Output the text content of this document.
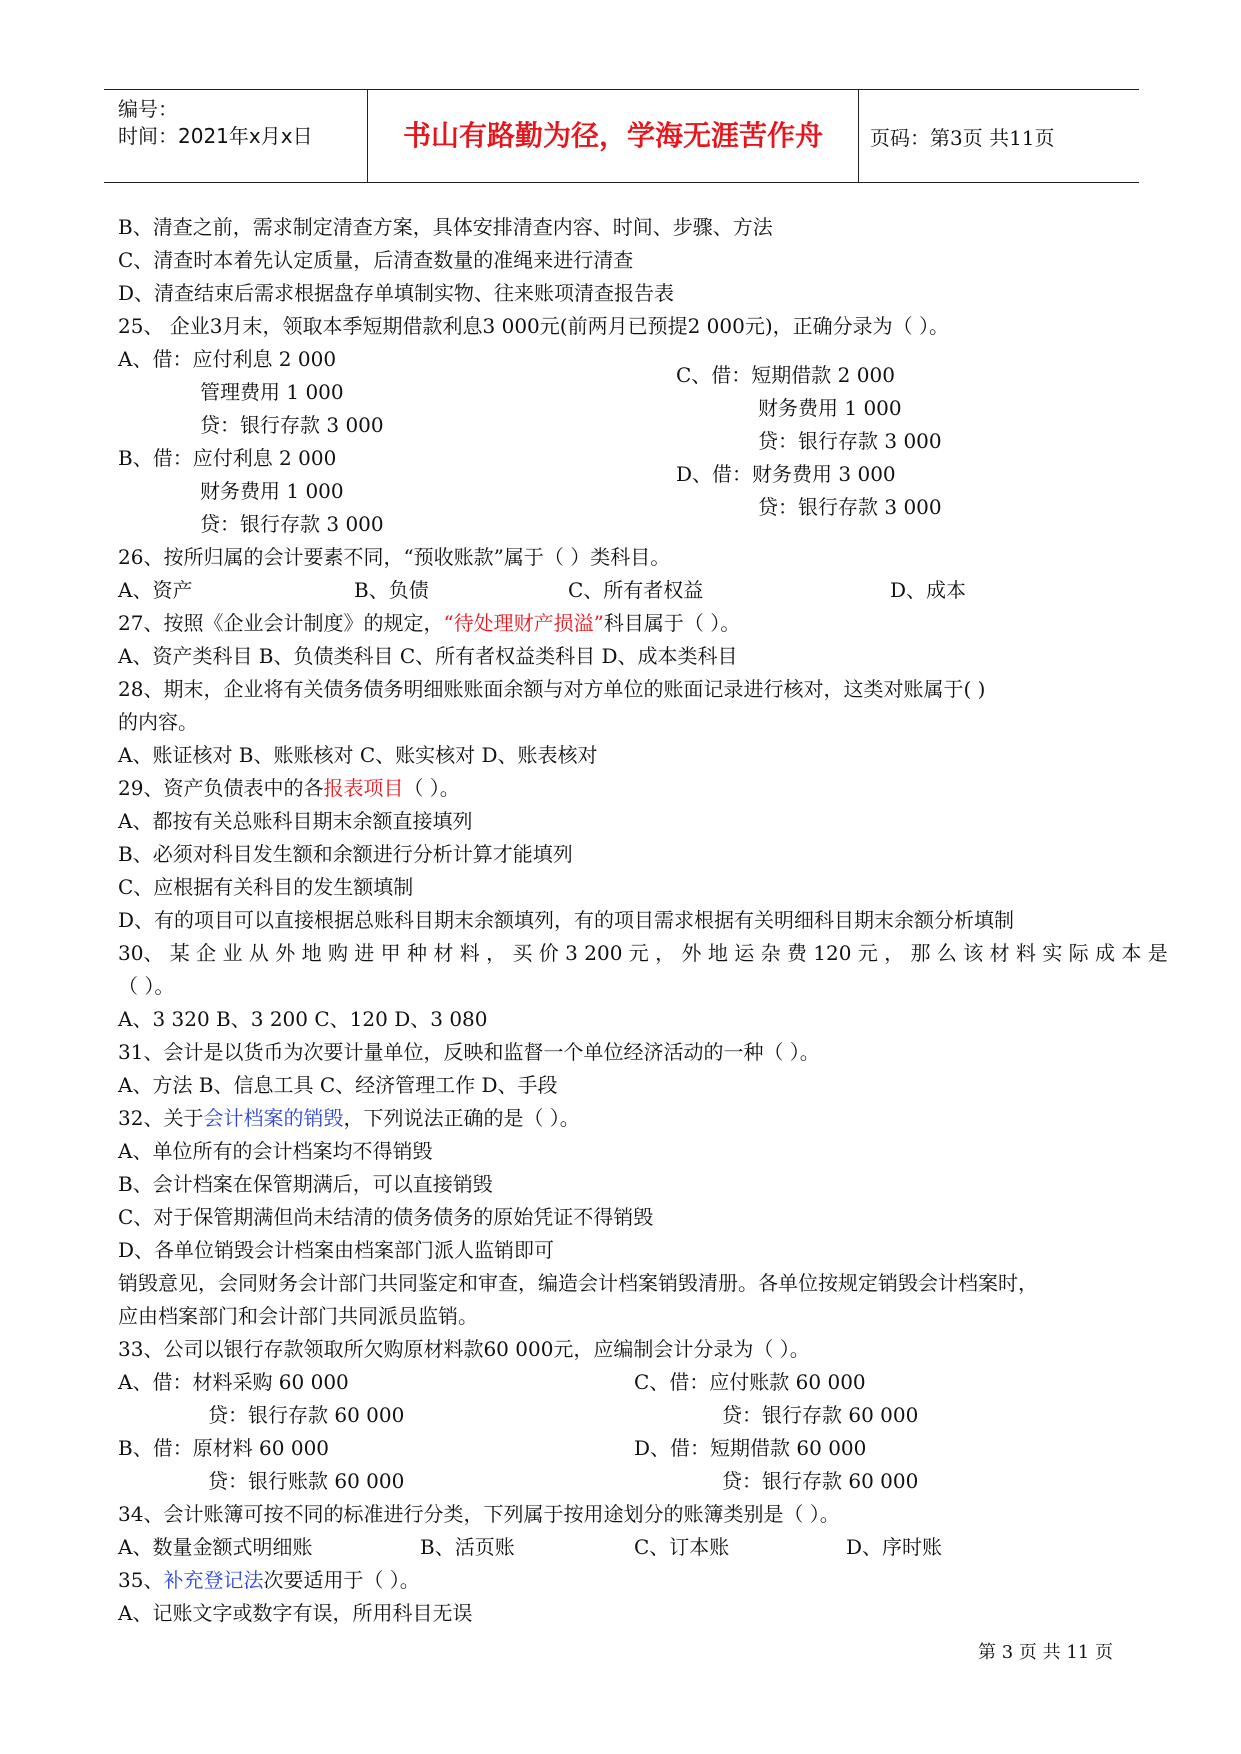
编号：
时间：2021年x月x日	书山有路勤为径，学海无涯苦作舟	页码：第3页 共11页
B、清查之前，需求制定清查方案，具体安排清查内容、时间、步骤、方法
C、清查时本着先认定质量，后清查数量的准绳来进行清查
D、清查结束后需求根据盘存单填制实物、往来账项清查报告表
25、 企业3月末，领取本季短期借款利息3 000元(前两月已预提2 000元)，正确分录为（ ）。
A、借：应付利息 2 000
管理费用 1 000
贷：银行存款 3 000
B、借：应付利息 2 000
财务费用 1 000
贷：银行存款 3 000
C、借：短期借款 2 000
财务费用 1 000
贷：银行存款 3 000
D、借：财务费用 3 000
贷：银行存款 3 000
26、按所归属的会计要素不同，“预收账款”属于（ ）类科目。
A、资产	B、负债	C、所有者权益	D、成本
27、按照《企业会计制度》的规定，“待处理财产损溢”科目属于（ ）。
A、资产类科目 B、负债类科目 C、所有者权益类科目 D、成本类科目
28、期末，企业将有关债务债务明细账账面余额与对方单位的账面记录进行核对，这类对账属于( )
的内容。
A、账证核对 B、账账核对 C、账实核对 D、账表核对
29、资产负债表中的各报表项目（ ）。
A、都按有关总账科目期末余额直接填列
B、必须对科目发生额和余额进行分析计算才能填列
C、应根据有关科目的发生额填制
D、有的项目可以直接根据总账科目期末余额填列，有的项目需求根据有关明细科目期末余额分析填制
30、 某 企 业 从 外 地 购 进 甲 种 材 料 ， 买 价 3 200 元 ， 外 地 运 杂 费 120 元 ， 那 么 该 材 料 实 际 成 本 是
（ ）。
A、3 320 B、3 200 C、120 D、3 080
31、会计是以货币为次要计量单位，反映和监督一个单位经济活动的一种（ ）。
A、方法 B、信息工具 C、经济管理工作 D、手段
32、关于会计档案的销毁，下列说法正确的是（ ）。
A、单位所有的会计档案均不得销毁
B、会计档案在保管期满后，可以直接销毁
C、对于保管期满但尚未结清的债务债务的原始凭证不得销毁
D、各单位销毁会计档案由档案部门派人监销即可
销毁意见，会同财务会计部门共同鉴定和审查，编造会计档案销毁清册。各单位按规定销毁会计档案时，
应由档案部门和会计部门共同派员监销。
33、公司以银行存款领取所欠购原材料款60 000元，应编制会计分录为（ ）。
A、借：材料采购 60 000
贷：银行存款 60 000
B、借：原材料 60 000
贷：银行账款 60 000
C、借：应付账款 60 000
贷：银行存款 60 000
D、借：短期借款 60 000
贷：银行存款 60 000
34、会计账簿可按不同的标准进行分类，下列属于按用途划分的账簿类别是（ ）。
A、数量金额式明细账	B、活页账	C、订本账	D、序时账
35、补充登记法次要适用于（ ）。
A、记账文字或数字有误，所用科目无误
第 3 页 共 11 页
